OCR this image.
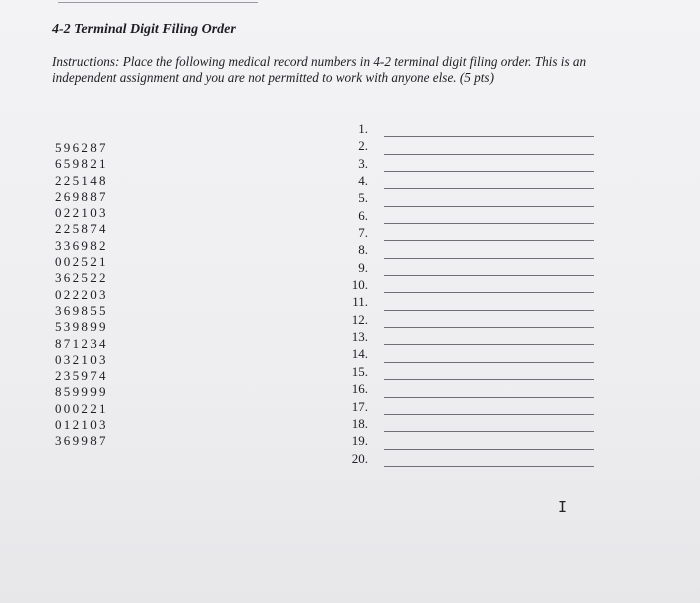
4-2 Terminal Digit Filing Order
Instructions: Place the following medical record numbers in 4-2 terminal digit filing order. This is an independent assignment and you are not permitted to work with anyone else. (5 pts)
596287
659821
225148
269887
022103
225874
336982
002521
362522
022203
369855
539899
871234
032103
235974
859999
000221
012103
369987
1.
2.
3.
4.
5.
6.
7.
8.
9.
10.
11.
12.
13.
14.
15.
16.
17.
18.
19.
20.
I
